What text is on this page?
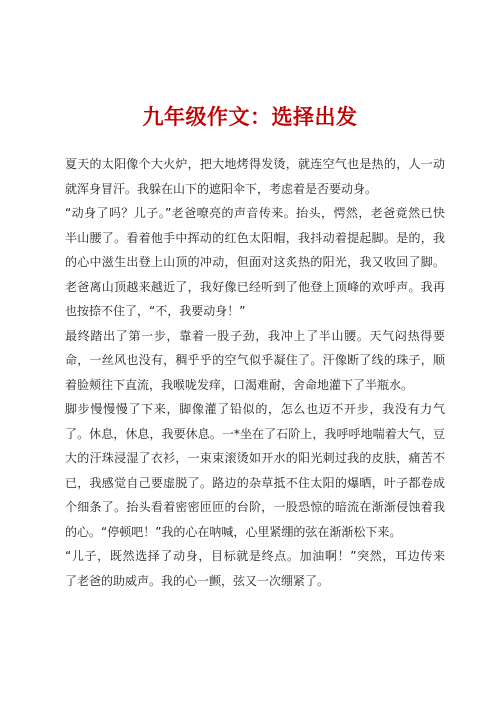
九年级作文：选择出发
夏天的太阳像个大火炉，把大地烤得发烫，就连空气也是热的，人一动
就浑身冒汗。我躲在山下的遮阳伞下，考虑着是否要动身。
“动身了吗？儿子。”老爸嘹亮的声音传来。抬头，愕然，老爸竟然已快
半山腰了。看着他手中挥动的红色太阳帽，我抖动着提起脚。是的，我
的心中滋生出登上山顶的冲动，但面对这炙热的阳光，我又收回了脚。
老爸离山顶越来越近了，我好像已经听到了他登上顶峰的欢呼声。我再
也按捺不住了，“不，我要动身！”
最终踏出了第一步，靠着一股子劲，我冲上了半山腰。天气闷热得要
命，一丝风也没有，稠乎乎的空气似乎凝住了。汗像断了线的珠子，顺
着脸颊往下直流，我喉咙发痒，口渴难耐，舍命地灌下了半瓶水。
脚步慢慢慢了下来，脚像灌了铅似的，怎么也迈不开步，我没有力气
了。休息，休息，我要休息。一*坐在了石阶上，我呼呼地喘着大气，豆
大的汗珠浸湿了衣衫，一束束滚烫如开水的阳光刺过我的皮肤，痛苦不
已，我感觉自己要虚脱了。路边的杂草抵不住太阳的爆晒，叶子都卷成
个细条了。抬头看着密密匝匝的台阶，一股恐惊的暗流在渐渐侵蚀着我
的心。“停顿吧！”我的心在呐喊，心里紧绷的弦在渐渐松下来。
“儿子，既然选择了动身，目标就是终点。加油啊！”突然，耳边传来
了老爸的助威声。我的心一颤，弦又一次绷紧了。
